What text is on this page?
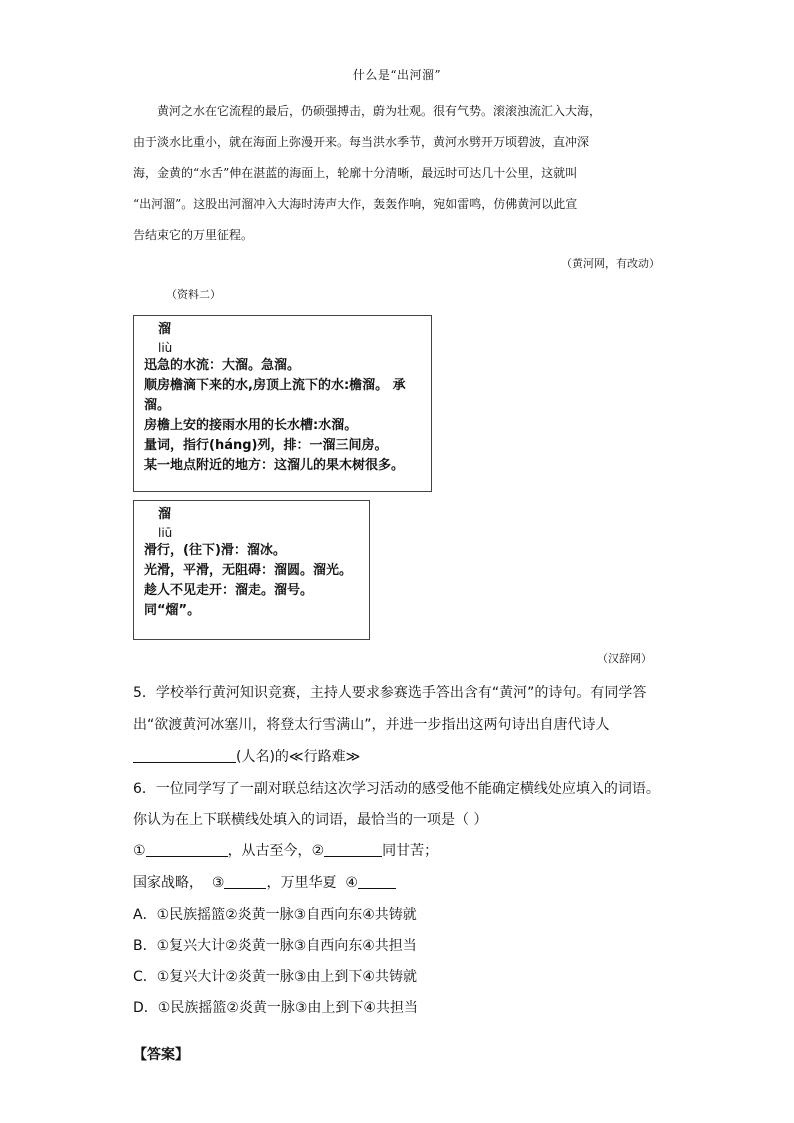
什么是“出河溜”
黄河之水在它流程的最后，仍硕强搏击，蔚为壮观。很有气势。滚滚浊流汇入大海，
由于淡水比重小，就在海面上弥漫开来。每当洪水季节，黄河水劈开万顷碧波，直冲深
海，金黄的“水舌”伸在湛蓝的海面上，轮廓十分清晰，最远时可达几十公里，这就叫
“出河溜”。这股出河溜冲入大海时涛声大作，轰轰作响，宛如雷鸣，仿佛黄河以此宣
告结束它的万里征程。
（黄河网，有改动）
（资料二）
溜
liù
迅急的水流：大溜。急溜。
顺房檐滴下来的水,房顶上流下的水:檐溜。 承
溜。
房檐上安的接雨水用的长水槽:水溜。
量词，指行(háng)列，排：一溜三间房。
某一地点附近的地方：这溜儿的果木树很多。
溜
liū
滑行，(往下)滑：溜冰。
光滑，平滑，无阻碍：溜圆。溜光。
趁人不见走开：溜走。溜号。
同“熘”。
（汉辞网）
5．学校举行黄河知识竞赛，主持人要求参赛选手答出含有“黄河”的诗句。有同学答
出“欲渡黄河冰塞川，将登太行雪满山”，并进一步指出这两句诗出自唐代诗人
(人名)的≪行路难≫
6．一位同学写了一副对联总结这次学习活动的感受他不能确定横线处应填入的词语。
你认为在上下联横线处填入的词语，最恰当的一项是（ ）
①	，从古至今，②	同甘苦；
国家战略， ③	，万里华夏 ④
A．①民族摇篮②炎黄一脉③自西向东④共铸就
B．①复兴大计②炎黄一脉③自西向东④共担当
C．①复兴大计②炎黄一脉③由上到下④共铸就
D．①民族摇篮②炎黄一脉③由上到下④共担当
【答案】
